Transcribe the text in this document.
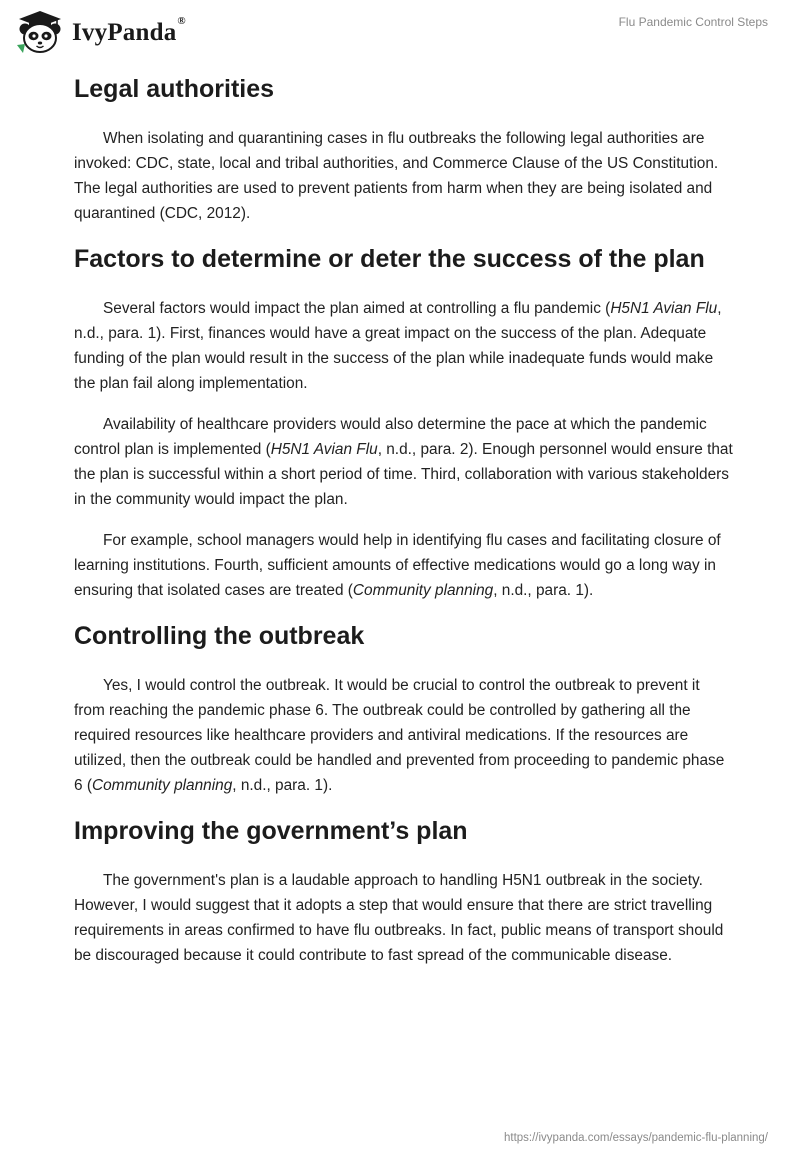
IvyPanda®	Flu Pandemic Control Steps
Legal authorities

When isolating and quarantining cases in flu outbreaks the following legal authorities are invoked: CDC, state, local and tribal authorities, and Commerce Clause of the US Constitution. The legal authorities are used to prevent patients from harm when they are being isolated and quarantined (CDC, 2012).

Factors to determine or deter the success of the plan

Several factors would impact the plan aimed at controlling a flu pandemic (H5N1 Avian Flu, n.d., para. 1). First, finances would have a great impact on the success of the plan. Adequate funding of the plan would result in the success of the plan while inadequate funds would make the plan fail along implementation.

Availability of healthcare providers would also determine the pace at which the pandemic control plan is implemented (H5N1 Avian Flu, n.d., para. 2). Enough personnel would ensure that the plan is successful within a short period of time. Third, collaboration with various stakeholders in the community would impact the plan.

For example, school managers would help in identifying flu cases and facilitating closure of learning institutions. Fourth, sufficient amounts of effective medications would go a long way in ensuring that isolated cases are treated (Community planning, n.d., para. 1).

Controlling the outbreak

Yes, I would control the outbreak. It would be crucial to control the outbreak to prevent it from reaching the pandemic phase 6. The outbreak could be controlled by gathering all the required resources like healthcare providers and antiviral medications. If the resources are utilized, then the outbreak could be handled and prevented from proceeding to pandemic phase 6 (Community planning, n.d., para. 1).

Improving the government’s plan

The government's plan is a laudable approach to handling H5N1 outbreak in the society. However, I would suggest that it adopts a step that would ensure that there are strict travelling requirements in areas confirmed to have flu outbreaks. In fact, public means of transport should be discouraged because it could contribute to fast spread of the communicable disease.

https://ivypanda.com/essays/pandemic-flu-planning/
